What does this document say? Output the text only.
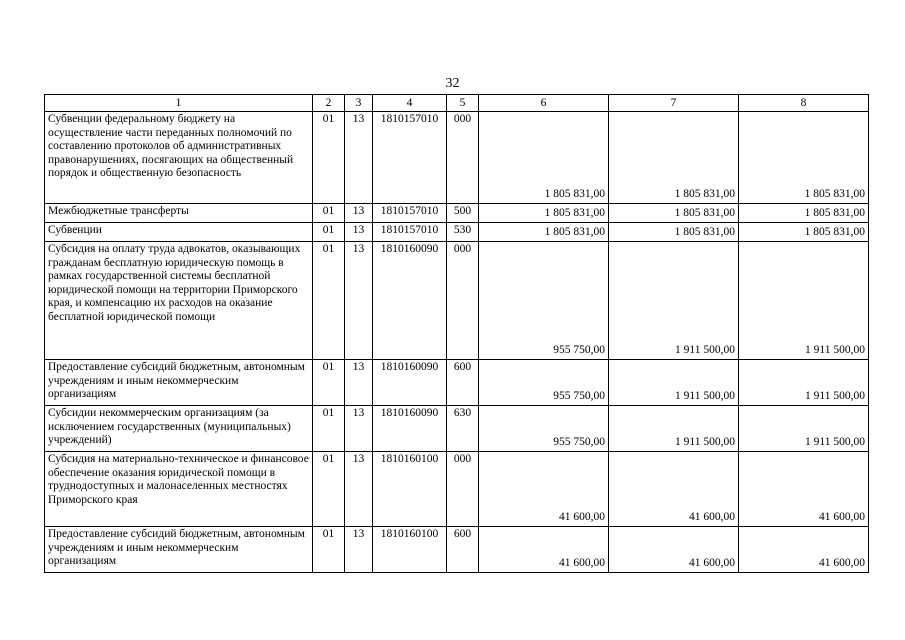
32
1	2	3	4	5	6	7	8
Субвенции федеральному бюджету на осуществление части переданных полномочий по составлению протоколов об административных правонарушениях, посягающих на общественный порядок и общественную безопасность	01	13	1810157010	000	1 805 831,00	1 805 831,00	1 805 831,00
Межбюджетные трансферты	01	13	1810157010	500	1 805 831,00	1 805 831,00	1 805 831,00
Субвенции	01	13	1810157010	530	1 805 831,00	1 805 831,00	1 805 831,00
Субсидия на оплату труда адвокатов, оказывающих гражданам бесплатную юридическую помощь в рамках государственной системы бесплатной юридической помощи на территории Приморского края, и компенсацию их расходов на оказание бесплатной юридической помощи	01	13	1810160090	000	955 750,00	1 911 500,00	1 911 500,00
Предоставление субсидий бюджетным, автономным учреждениям и иным некоммерческим организациям	01	13	1810160090	600	955 750,00	1 911 500,00	1 911 500,00
Субсидии некоммерческим организациям (за исключением государственных (муниципальных) учреждений)	01	13	1810160090	630	955 750,00	1 911 500,00	1 911 500,00
Субсидия на материально-техническое и финансовое обеспечение оказания юридической помощи в труднодоступных и малонаселенных местностях Приморского края	01	13	1810160100	000	41 600,00	41 600,00	41 600,00
Предоставление субсидий бюджетным, автономным учреждениям и иным некоммерческим организациям	01	13	1810160100	600	41 600,00	41 600,00	41 600,00
